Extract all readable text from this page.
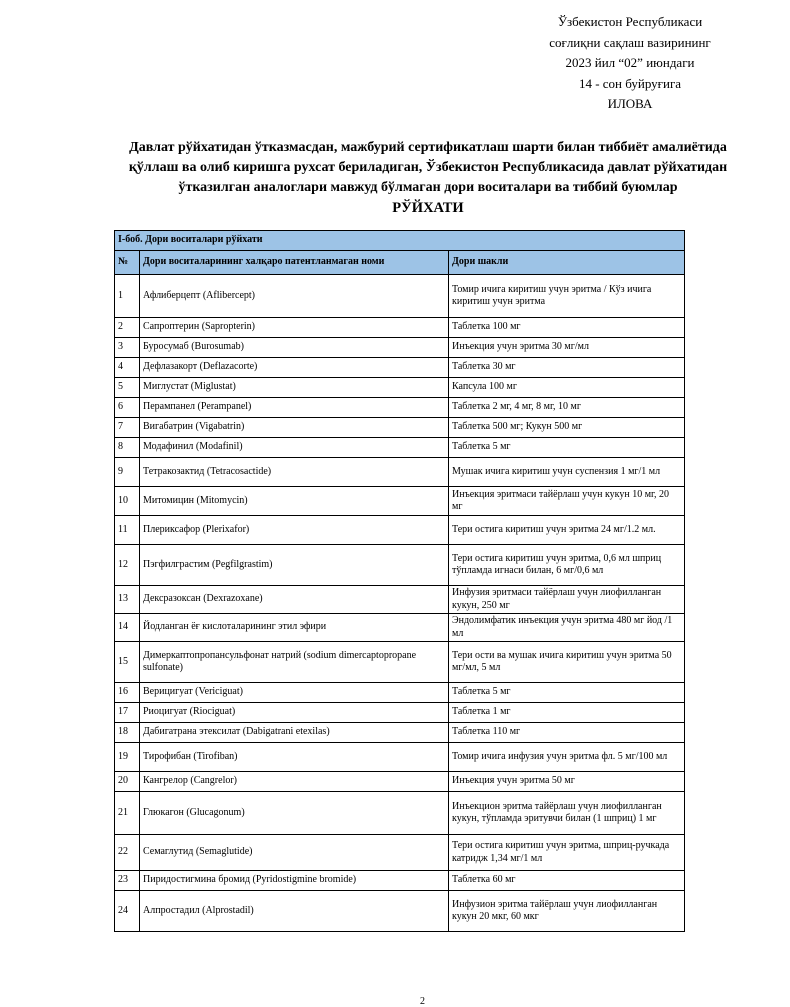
Ўзбекистон Республикаси
соғлиқни сақлаш вазирининг
2023 йил “02” июндаги
14 - сон буйруғига
ИЛОВА
Давлат рўйхатидан ўтказмасдан, мажбурий сертификатлаш шарти билан тиббиёт амалиётида
қўллаш ва олиб киришга рухсат бериладиган, Ўзбекистон Республикасида давлат рўйхатидан
ўтказилган аналоглари мавжуд бўлмаган дори воситалари ва тиббий буюмлар
РЎЙХАТИ
I-боб. Дори воситалари рўйхати		
№	Дори воситаларининг халқаро патентланмаган номи	Дори шакли
1	Афлиберцепт (Aflibercept)	Томир ичига киритиш учун эритма / Кўз ичига киритиш учун эритма
2	Сапроптерин (Sapropterin)	Таблетка 100 мг
3	Буросумаб (Burosumab)	Инъекция учун эритма 30 мг/мл
4	Дефлазакорт (Deflazacorte)	Таблетка 30 мг
5	Миглустат (Miglustat)	Капсула 100 мг
6	Перампанел (Perampanel)	Таблетка 2 мг, 4 мг, 8 мг, 10 мг
7	Вигабатрин (Vigabatrin)	Таблетка 500 мг; Кукун 500 мг
8	Модафинил (Modafinil)	Таблетка 5 мг
9	Тетракозактид (Tetracosactide)	Мушак ичига киритиш учун суспензия 1 мг/1 мл
10	Митомицин (Mitomycin)	Инъекция эритмаси тайёрлаш учун кукун 10 мг, 20 мг
11	Плериксафор (Plerixafor)	Тери остига киритиш учун эритма 24 мг/1.2 мл.
12	Пэгфилграстим (Pegfilgrastim)	Тери остига киритиш учун эритма, 0,6 мл шприц тўпламда игнаси билан, 6 мг/0,6 мл
13	Дексразоксан (Dexrazoxane)	Инфузия эритмаси тайёрлаш учун лиофилланган кукун, 250 мг
14	Йодланган ёғ кислоталарининг этил эфири	Эндолимфатик инъекция учун эритма 480 мг йод /1 мл
15	Димеркаптопропансульфонат натрий (sodium dimercaptopropane sulfonate)	Тери ости ва мушак ичига киритиш учун эритма 50 мг/мл, 5 мл
16	Верицигуат (Vericiguat)	Таблетка 5 мг
17	Риоцигуат (Riociguat)	Таблетка 1 мг
18	Дабигатрана этексилат (Dabigatrani etexilas)	Таблетка 110 мг
19	Тирофибан (Tirofiban)	Томир ичига инфузия учун эритма фл. 5 мг/100 мл
20	Кангрелор (Cangrelor)	Инъекция учун эритма 50 мг
21	Глюкагон (Glucagonum)	Инъекцион эритма тайёрлаш учун лиофилланган кукун, тўпламда эритувчи билан (1 шприц) 1 мг
22	Семаглутид (Semaglutide)	Тери остига киритиш учун эритма, шприц-ручкада катридж 1,34 мг/1 мл
23	Пиридостигмина бромид (Pyridostigmine bromide)	Таблетка 60 мг
24	Алпростадил (Alprostadil)	Инфузион эритма тайёрлаш учун лиофилланган кукун 20 мкг, 60 мкг
2
